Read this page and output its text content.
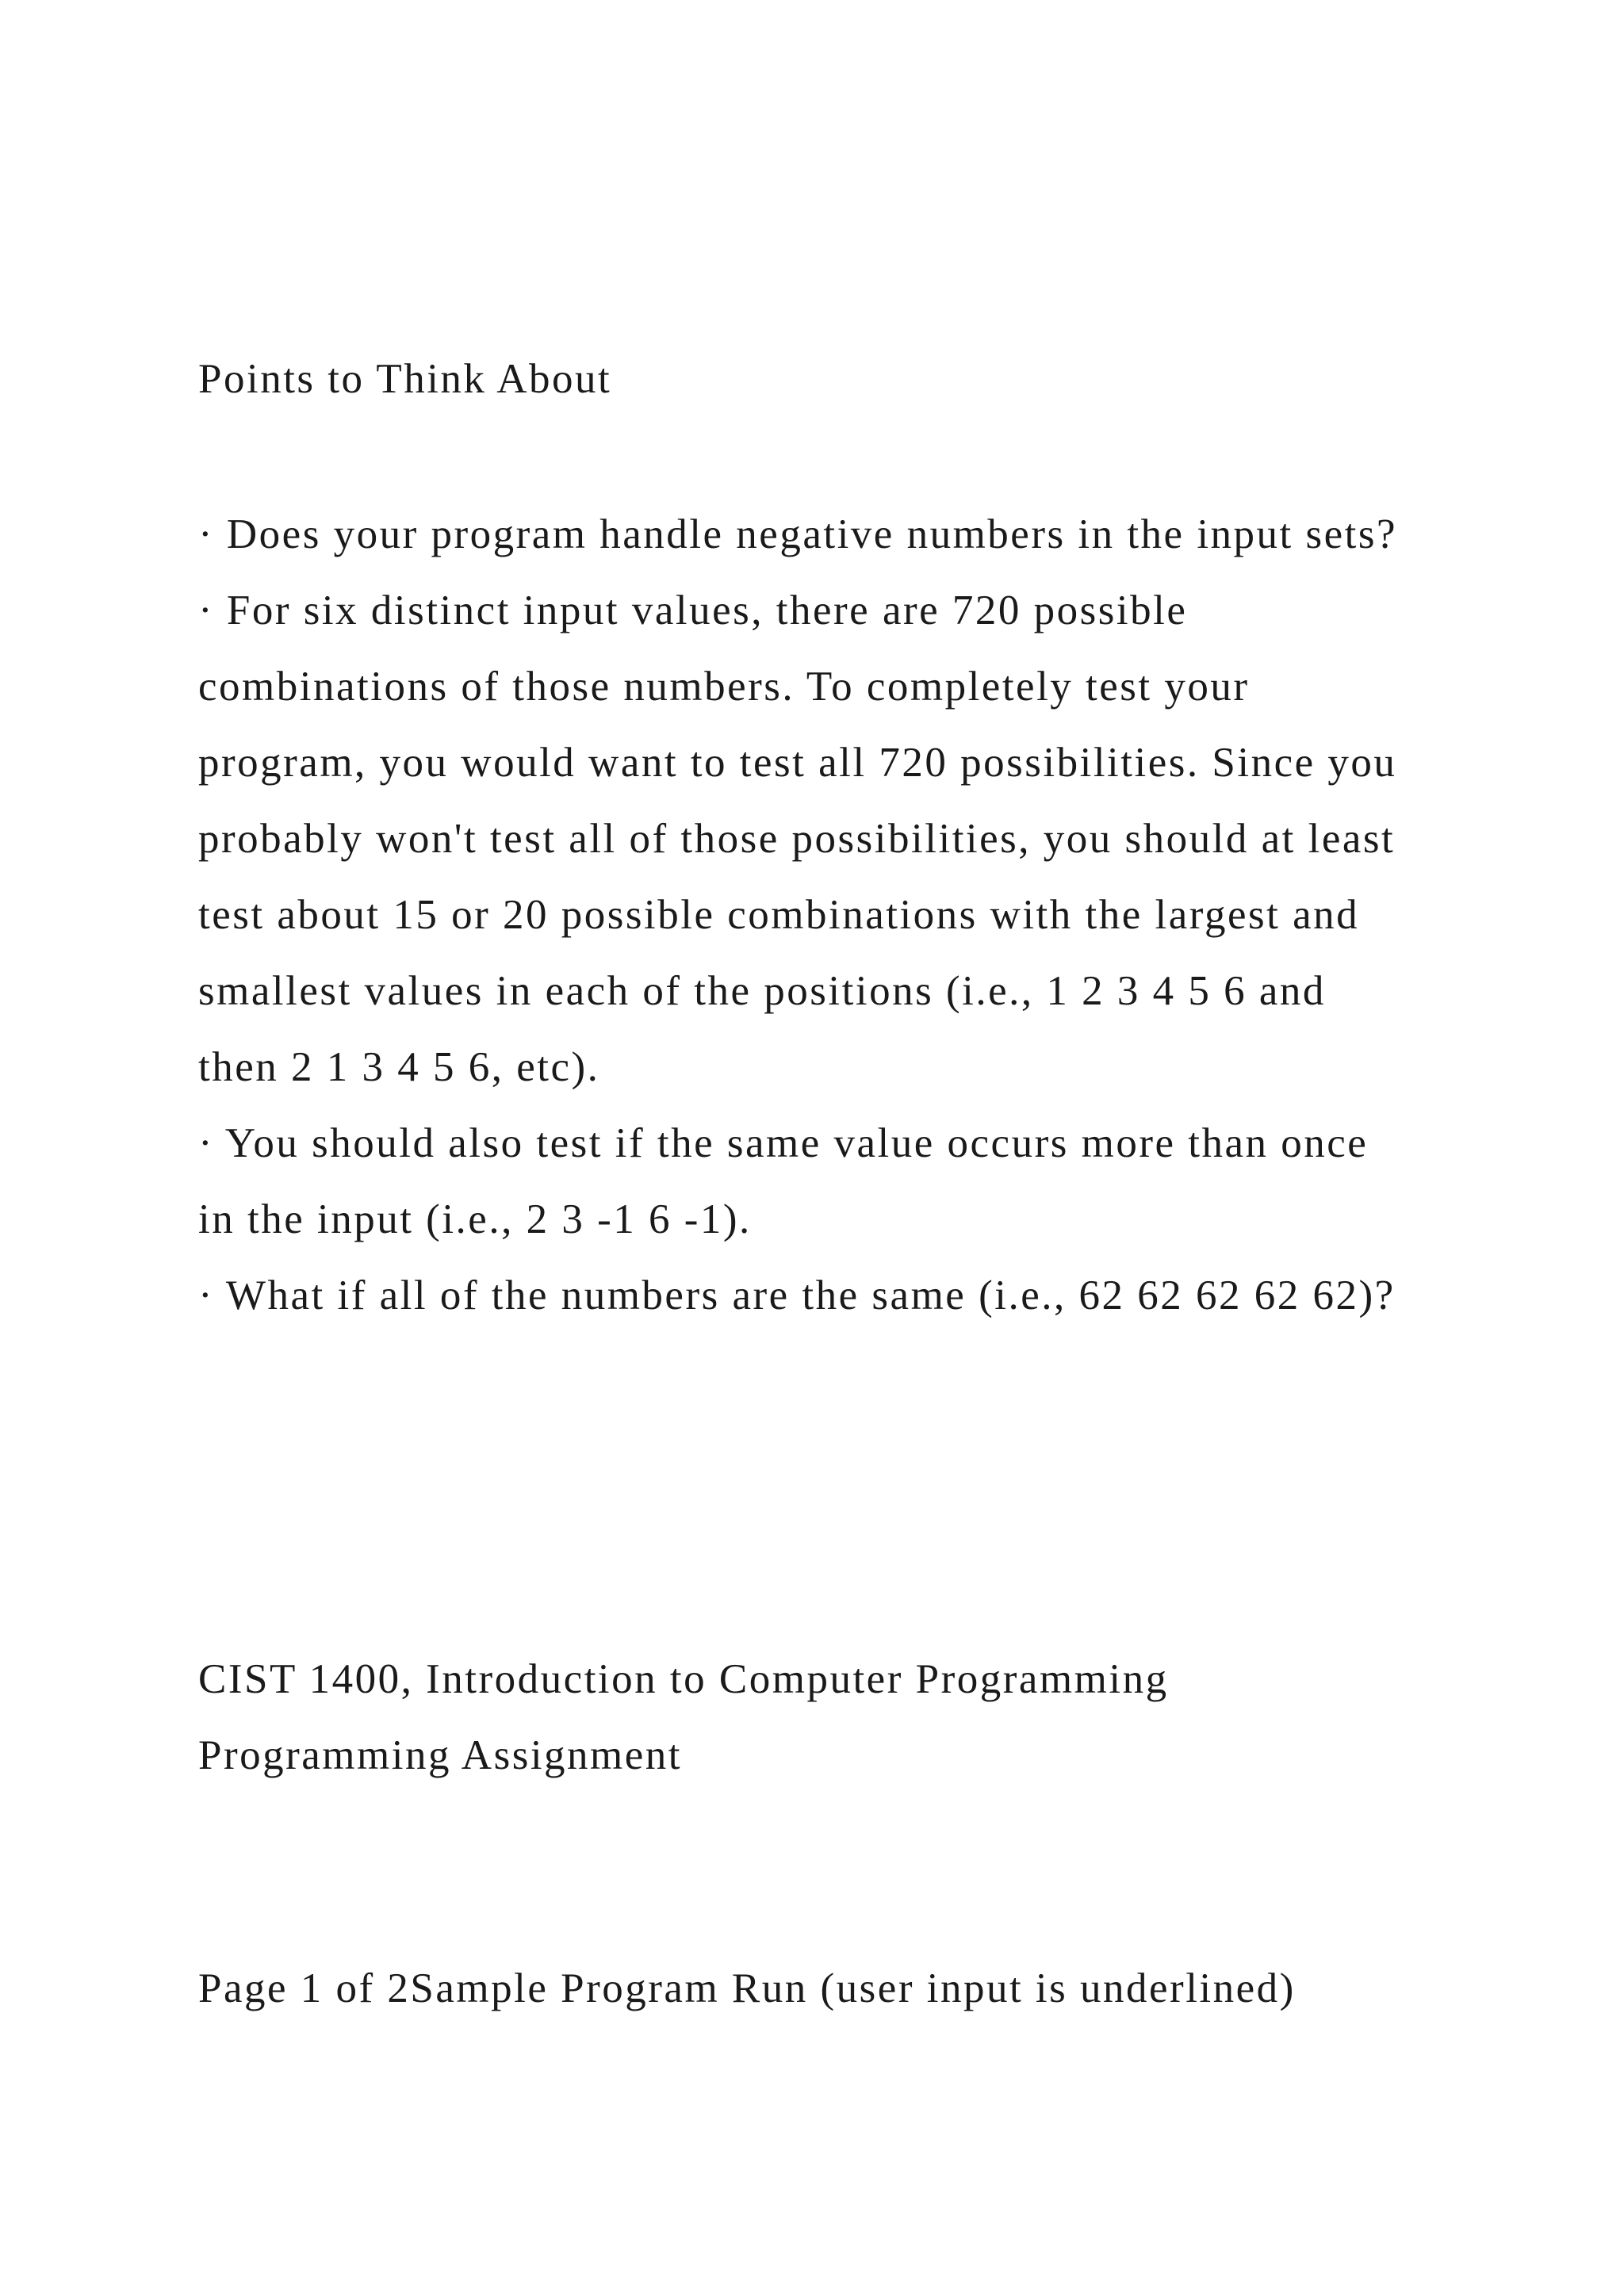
Points to Think About
· Does your program handle negative numbers in the input sets?
· For six distinct input values, there are 720 possible
combinations of those numbers. To completely test your
program, you would want to test all 720 possibilities. Since you
probably won't test all of those possibilities, you should at least
test about 15 or 20 possible combinations with the largest and
smallest values in each of the positions (i.e., 1 2 3 4 5 6 and
then 2 1 3 4 5 6, etc).
· You should also test if the same value occurs more than once
in the input (i.e., 2 3 -1 6 -1).
· What if all of the numbers are the same (i.e., 62 62 62 62 62)?
CIST 1400, Introduction to Computer Programming
Programming Assignment
Page 1 of 2Sample Program Run (user input is underlined)
